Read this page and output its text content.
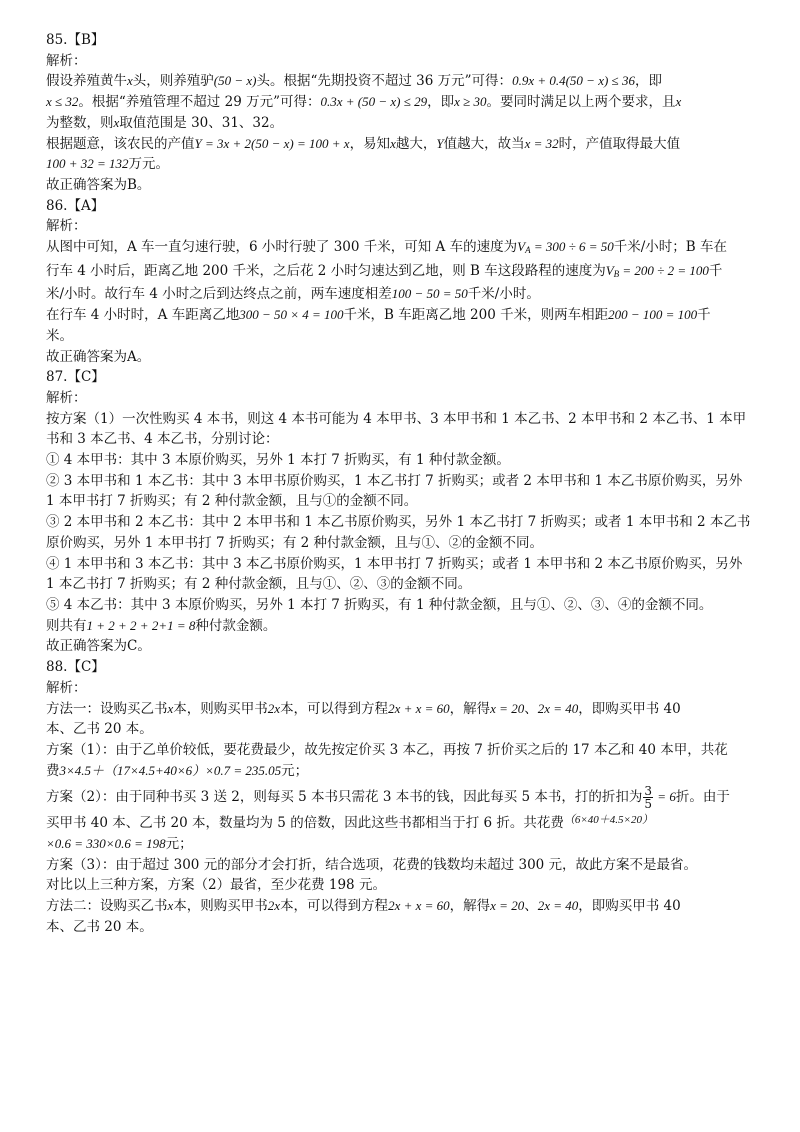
85.【B】
解析：
假设养殖黄牛x头，则养殖驴(50 − x)头。根据“先期投资不超过 36 万元”可得：0.9x + 0.4(50 − x) ≤ 36，即
x ≤ 32。根据“养殖管理不超过 29 万元”可得：0.3x + (50 − x) ≤ 29，即x ≥ 30。要同时满足以上两个要求，且x
为整数，则x取值范围是 30、31、32。
根据题意，该农民的产值Y = 3x + 2(50 − x) = 100 + x，易知x越大，Y值越大，故当x = 32时，产值取得最大值
100 + 32 = 132万元。
故正确答案为B。
86.【A】
解析：
从图中可知，A 车一直匀速行驶，6 小时行驶了 300 千米，可知 A 车的速度为VA = 300 ÷ 6 = 50千米/小时；B 车在
行车 4 小时后，距离乙地 200 千米，之后花 2 小时匀速达到乙地，则 B 车这段路程的速度为VB = 200 ÷ 2 = 100千
米/小时。故行车 4 小时之后到达终点之前，两车速度相差100 − 50 = 50千米/小时。
在行车 4 小时时，A 车距离乙地300 − 50 × 4 = 100千米，B 车距离乙地 200 千米，则两车相距200 − 100 = 100千
米。
故正确答案为A。
87.【C】
解析：
按方案（1）一次性购买 4 本书，则这 4 本书可能为 4 本甲书、3 本甲书和 1 本乙书、2 本甲书和 2 本乙书、1 本甲
书和 3 本乙书、4 本乙书，分别讨论：
① 4 本甲书：其中 3 本原价购买，另外 1 本打 7 折购买，有 1 种付款金额。
② 3 本甲书和 1 本乙书：其中 3 本甲书原价购买，1 本乙书打 7 折购买；或者 2 本甲书和 1 本乙书原价购买，另外
1 本甲书打 7 折购买；有 2 种付款金额，且与①的金额不同。
③ 2 本甲书和 2 本乙书：其中 2 本甲书和 1 本乙书原价购买，另外 1 本乙书打 7 折购买；或者 1 本甲书和 2 本乙书
原价购买，另外 1 本甲书打 7 折购买；有 2 种付款金额，且与①、②的金额不同。
④ 1 本甲书和 3 本乙书：其中 3 本乙书原价购买，1 本甲书打 7 折购买；或者 1 本甲书和 2 本乙书原价购买，另外
1 本乙书打 7 折购买；有 2 种付款金额，且与①、②、③的金额不同。
⑤ 4 本乙书：其中 3 本原价购买，另外 1 本打 7 折购买，有 1 种付款金额，且与①、②、③、④的金额不同。
则共有1 + 2 + 2 + 2+1 = 8种付款金额。
故正确答案为C。
88.【C】
解析：
方法一：设购买乙书x本，则购买甲书2x本，可以得到方程2x + x = 60，解得x = 20、2x = 40，即购买甲书 40
本、乙书 20 本。
方案（1）：由于乙单价较低，要花费最少，故先按定价买 3 本乙，再按 7 折价买之后的 17 本乙和 40 本甲，共花
费3×4.5＋（17×4.5+40×6）×0.7 = 235.05元；
方案（2）：由于同种书买 3 送 2，则每买 5 本书只需花 3 本书的钱，因此每买 5 本书，打的折扣为 $\frac{3}{5} = 6$折。由于
买甲书 40 本、乙书 20 本，数量均为 5 的倍数，因此这些书都相当于打 6 折。共花费$^{(6\times 40+4.5\times 20)}$
×0.6 = 330×0.6 = 198元；
方案（3）：由于超过 300 元的部分才会打折，结合选项，花费的钱数均未超过 300 元，故此方案不是最省。
对比以上三种方案，方案（2）最省，至少花费 198 元。
方法二：设购买乙书x本，则购买甲书2x本，可以得到方程2x + x = 60，解得x = 20、2x = 40，即购买甲书 40
本、乙书 20 本。
